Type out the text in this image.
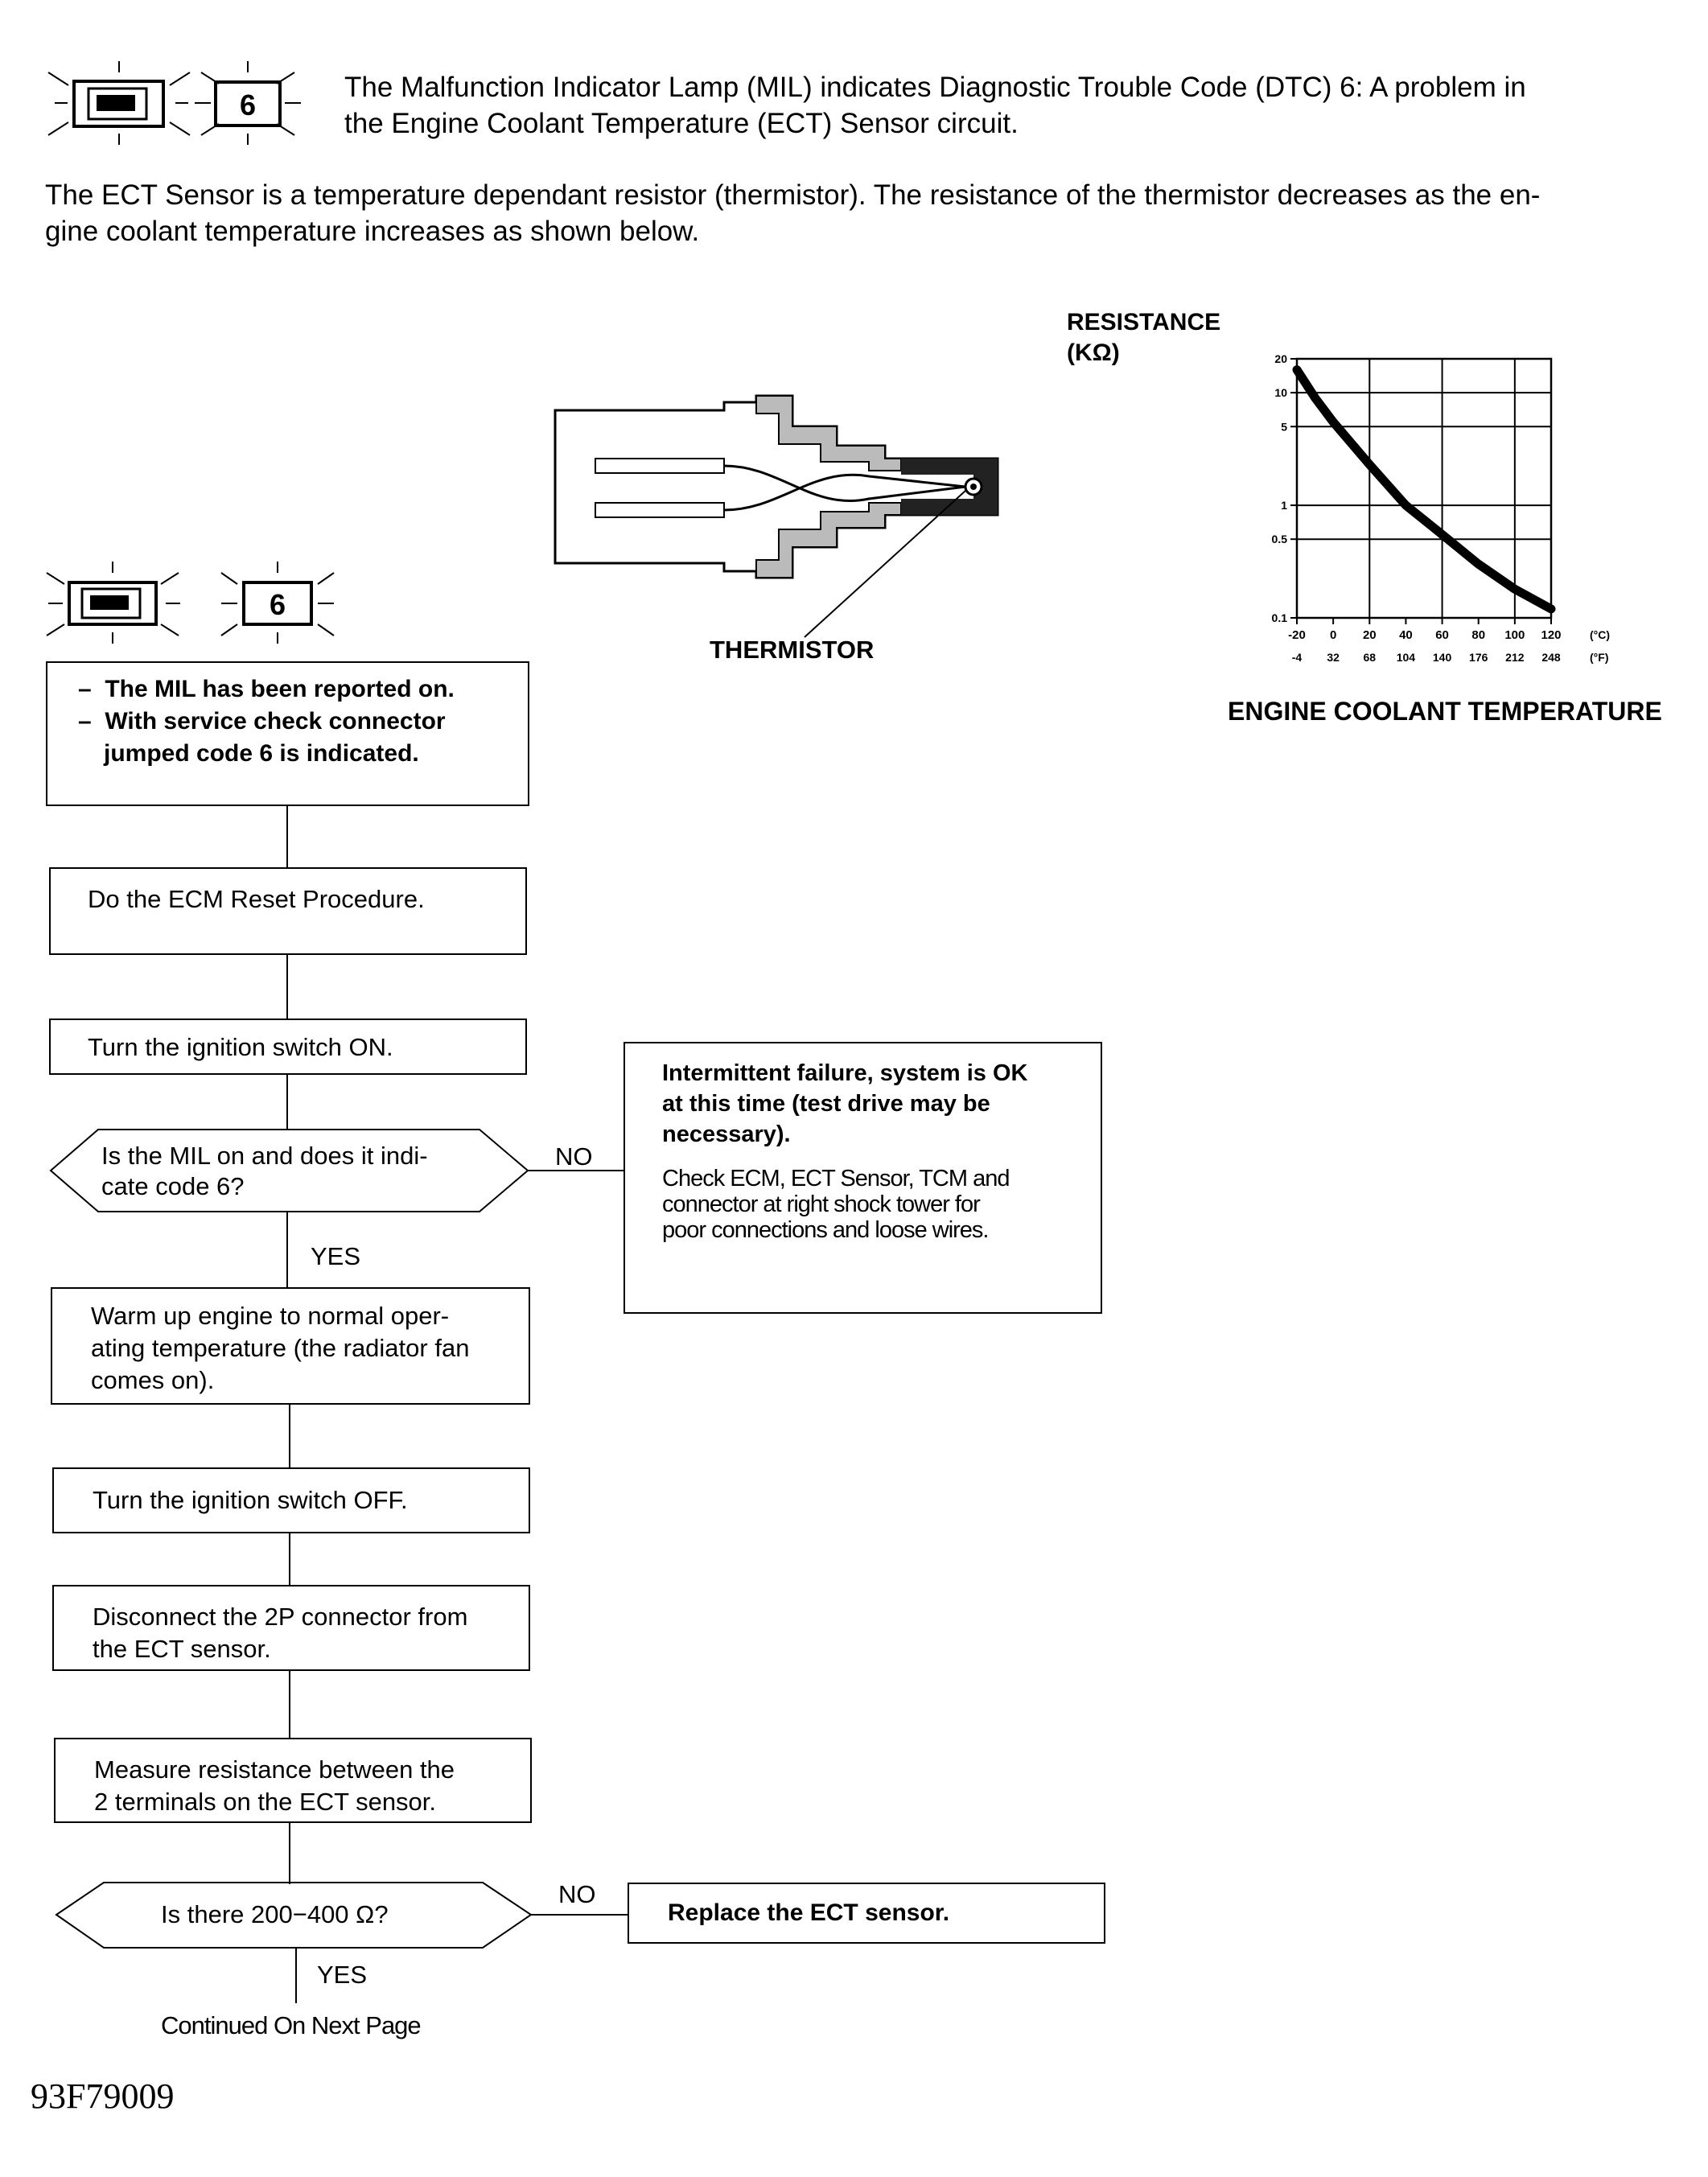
6
The Malfunction Indicator Lamp (MIL) indicates Diagnostic Trouble Code (DTC) 6: A problem in
the Engine Coolant Temperature (ECT) Sensor circuit.
The ECT Sensor is a temperature dependant resistor (thermistor). The resistance of the thermistor decreases as the en-
gine coolant temperature increases as shown below.
THERMISTOR
RESISTANCE
(KΩ)
-20
-4
0
32
20
68
40
104
60
140
80
176
100
212
120
248
(°C)
(°F)
20
10
5
1
0.5
0.1
ENGINE COOLANT TEMPERATURE
6
–  The MIL has been reported on.
–  With service check connector
jumped code 6 is indicated.
Do the ECM Reset Procedure.
Turn the ignition switch ON.
Is the MIL on and does it indi-
cate code 6?
NO
YES
Intermittent failure, system is OK
at this time (test drive may be
necessary).
Check ECM, ECT Sensor, TCM and
connector at right shock tower for
poor connections and loose wires.
Warm up engine to normal oper-
ating temperature (the radiator fan
comes on).
Turn the ignition switch OFF.
Disconnect the 2P connector from
the ECT sensor.
Measure resistance between the
2 terminals on the ECT sensor.
Is there 200−400 Ω?
NO
YES
Replace the ECT sensor.
Continued On Next Page
93F79009
